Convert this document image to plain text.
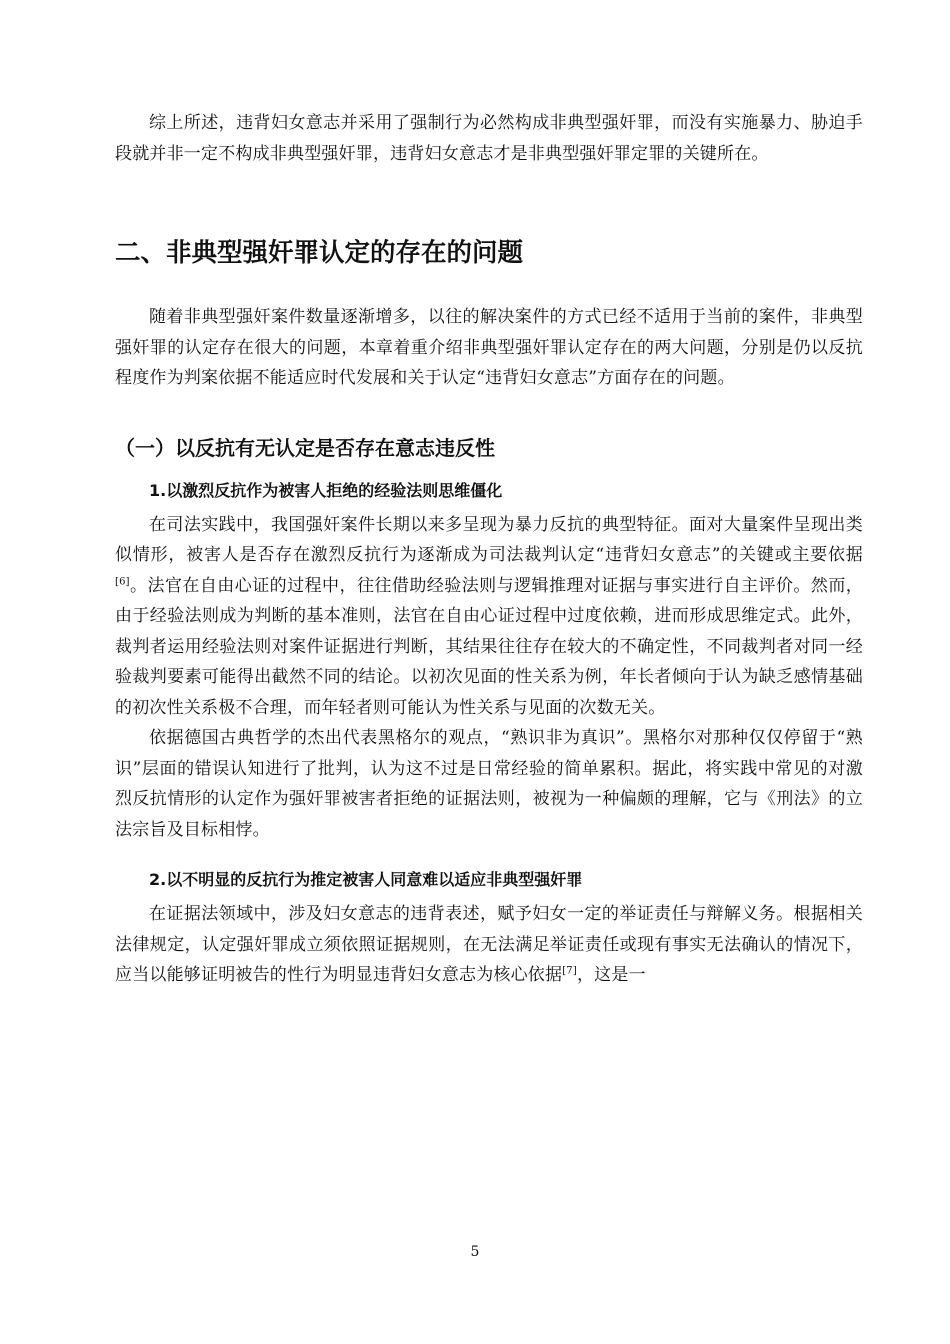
综上所述，违背妇女意志并采用了强制行为必然构成非典型强奸罪，而没有实施暴力、胁迫手段就并非一定不构成非典型强奸罪，违背妇女意志才是非典型强奸罪定罪的关键所在。

二、非典型强奸罪认定的存在的问题

随着非典型强奸案件数量逐渐增多，以往的解决案件的方式已经不适用于当前的案件，非典型强奸罪的认定存在很大的问题，本章着重介绍非典型强奸罪认定存在的两大问题，分别是仍以反抗程度作为判案依据不能适应时代发展和关于认定“违背妇女意志”方面存在的问题。

（一）以反抗有无认定是否存在意志违反性
1.以激烈反抗作为被害人拒绝的经验法则思维僵化

在司法实践中，我国强奸案件长期以来多呈现为暴力反抗的典型特征。面对大量案件呈现出类似情形，被害人是否存在激烈反抗行为逐渐成为司法裁判认定“违背妇女意志”的关键或主要依据[6]。法官在自由心证的过程中，往往借助经验法则与逻辑推理对证据与事实进行自主评价。然而，由于经验法则成为判断的基本准则，法官在自由心证过程中过度依赖，进而形成思维定式。此外，裁判者运用经验法则对案件证据进行判断，其结果往往存在较大的不确定性，不同裁判者对同一经验裁判要素可能得出截然不同的结论。以初次见面的性关系为例，年长者倾向于认为缺乏感情基础的初次性关系极不合理，而年轻者则可能认为性关系与见面的次数无关。

依据德国古典哲学的杰出代表黑格尔的观点，“熟识非为真识”。黑格尔对那种仅仅停留于“熟识”层面的错误认知进行了批判，认为这不过是日常经验的简单累积。据此，将实践中常见的对激烈反抗情形的认定作为强奸罪被害者拒绝的证据法则，被视为一种偏颇的理解，它与《刑法》的立法宗旨及目标相悖。

2.以不明显的反抗行为推定被害人同意难以适应非典型强奸罪

在证据法领域中，涉及妇女意志的违背表述，赋予妇女一定的举证责任与辩解义务。根据相关法律规定，认定强奸罪成立须依照证据规则，在无法满足举证责任或现有事实无法确认的情况下，应当以能够证明被告的性行为明显违背妇女意志为核心依据[7]，这是一

5
